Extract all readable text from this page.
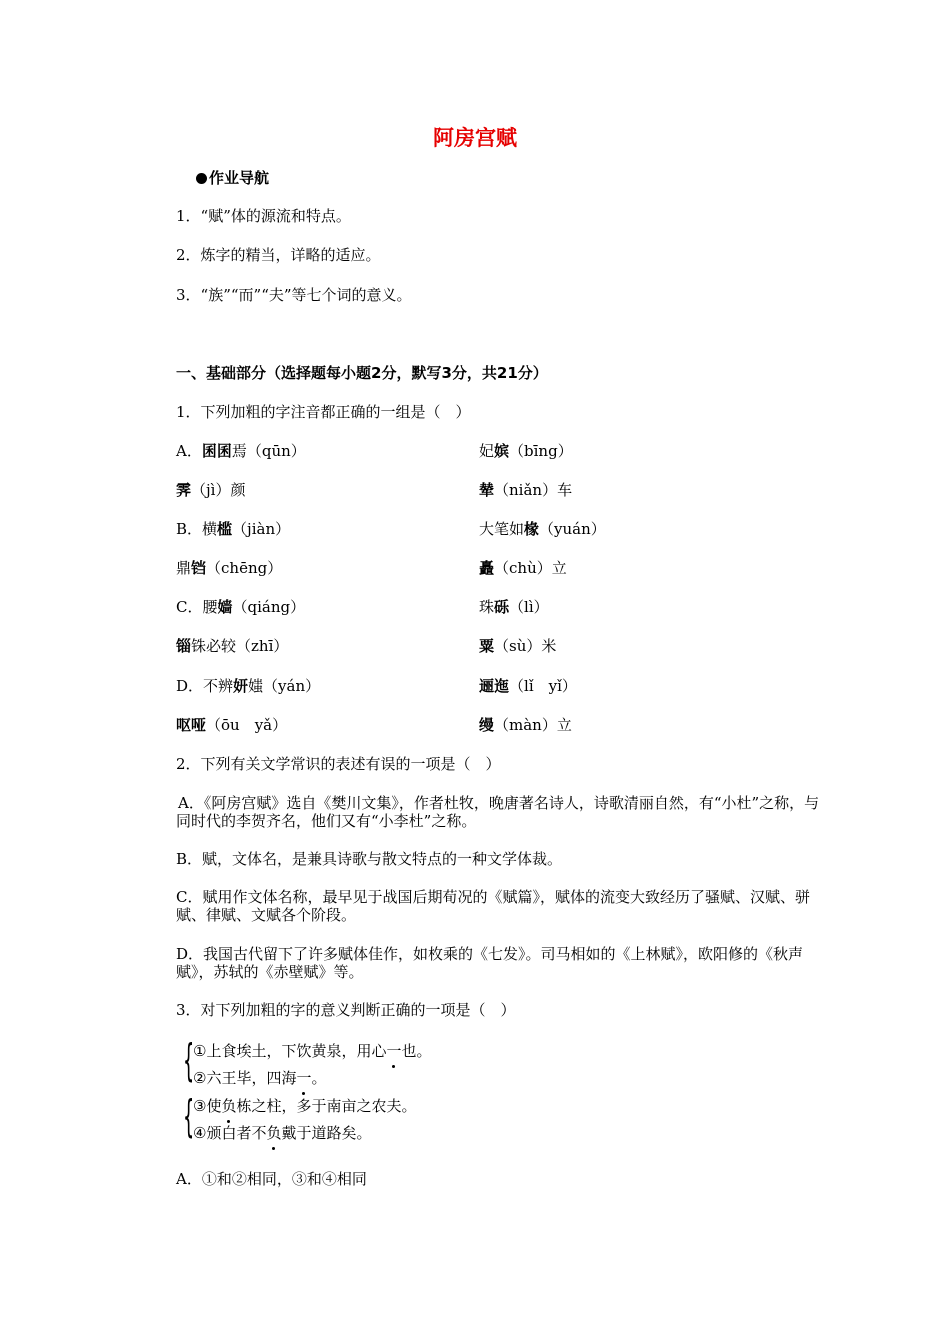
阿房宫赋
作业导航
1．“赋”体的源流和特点。
2．炼字的精当，详略的适应。
3．“族”“而”“夫”等七个词的意义。
一、基础部分（选择题每小题2分，默写3分，共21分）
1．下列加粗的字注音都正确的一组是（　）
A．囷囷焉（qūn）	妃嫔（bīng）
霁（jì）颜	辇（niǎn）车
B．横槛（jiàn）	大笔如椽（yuán）
鼎铛（chēng）	矗（chù）立
C．腰嫱（qiáng）	珠砾（lì）
锱铢必较（zhī）	粟（sù）米
D．不辨妍媸（yán）	逦迤（lǐ　yǐ）
呕哑（ōu　yǎ）	缦（màn）立
2．下列有关文学常识的表述有误的一项是（　）
A．《阿房宫赋》选自《樊川文集》，作者杜牧，晚唐著名诗人，诗歌清丽自然，有“小杜”之称，与同时代的李贺齐名，他们又有“小李杜”之称。
B．赋，文体名，是兼具诗歌与散文特点的一种文学体裁。
C．赋用作文体名称，最早见于战国后期荀况的《赋篇》，赋体的流变大致经历了骚赋、汉赋、骈赋、律赋、文赋各个阶段。
D．我国古代留下了许多赋体佳作，如枚乘的《七发》。司马相如的《上林赋》，欧阳修的《秋声赋》，苏轼的《赤壁赋》等。
3．对下列加粗的字的意义判断正确的一项是（　）
{
①上食埃土，下饮黄泉，用心一也。
②六王毕，四海一。
{
③使负栋之柱，多于南亩之农夫。
④颁白者不负戴于道路矣。
A．①和②相同，③和④相同
